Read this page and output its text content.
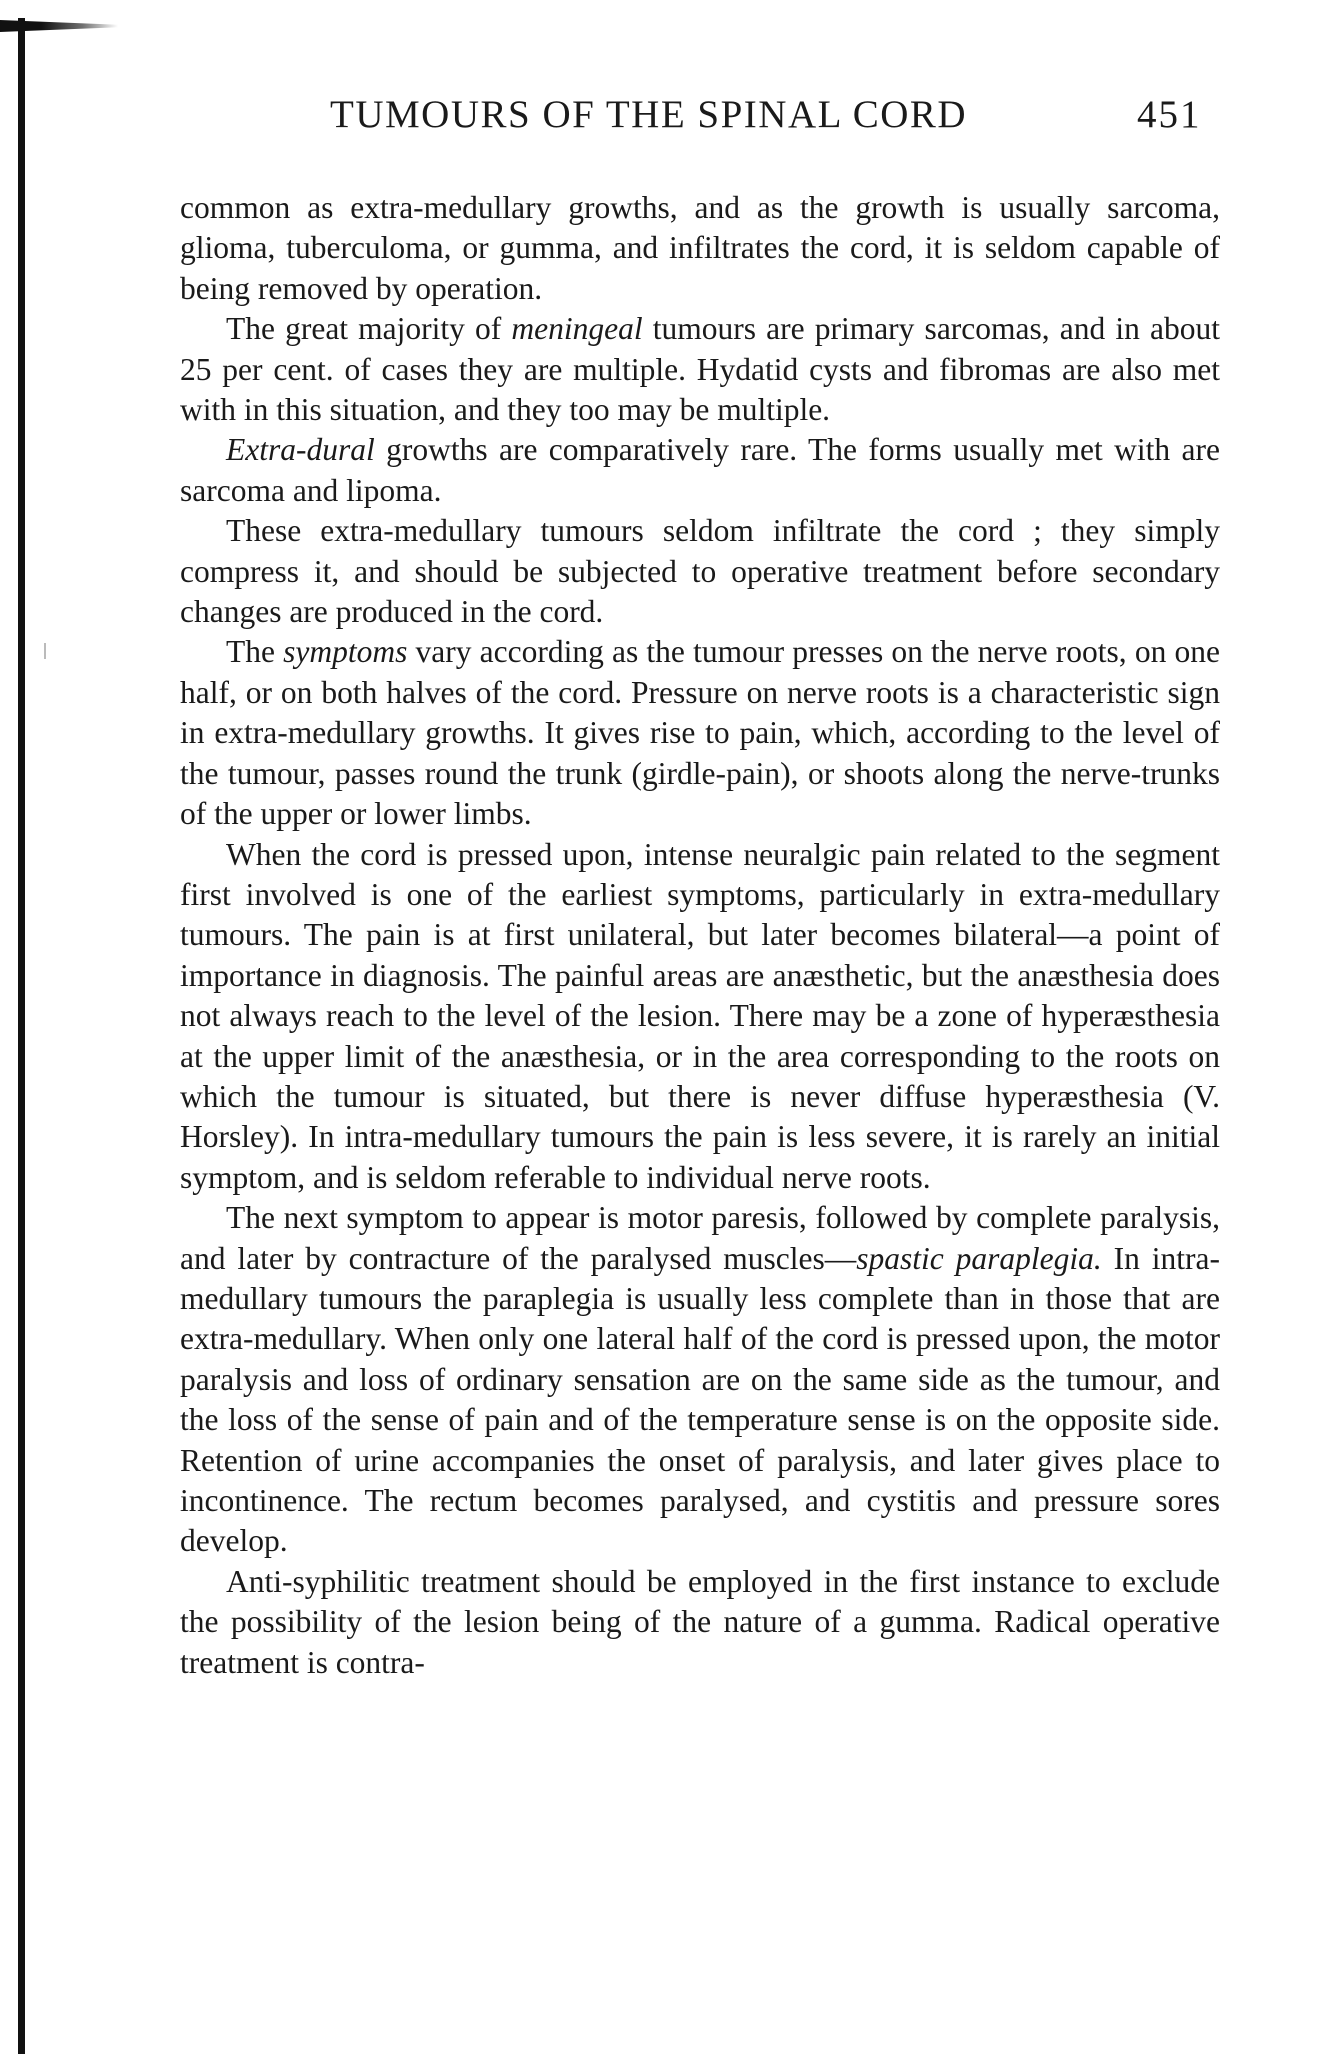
TUMOURS OF THE SPINAL CORD	451

common as extra-medullary growths, and as the growth is usually sarcoma, glioma, tuberculoma, or gumma, and infiltrates the cord, it is seldom capable of being removed by operation.

The great majority of meningeal tumours are primary sarcomas, and in about 25 per cent. of cases they are multiple. Hydatid cysts and fibromas are also met with in this situation, and they too may be multiple.

Extra-dural growths are comparatively rare. The forms usually met with are sarcoma and lipoma.

These extra-medullary tumours seldom infiltrate the cord ; they simply compress it, and should be subjected to operative treatment before secondary changes are produced in the cord.

The symptoms vary according as the tumour presses on the nerve roots, on one half, or on both halves of the cord. Pressure on nerve roots is a characteristic sign in extra-medullary growths. It gives rise to pain, which, according to the level of the tumour, passes round the trunk (girdle-pain), or shoots along the nerve-trunks of the upper or lower limbs.

When the cord is pressed upon, intense neuralgic pain related to the segment first involved is one of the earliest symptoms, particularly in extra-medullary tumours. The pain is at first unilateral, but later becomes bilateral—a point of importance in diagnosis. The painful areas are anæsthetic, but the anæsthesia does not always reach to the level of the lesion. There may be a zone of hyperæsthesia at the upper limit of the anæsthesia, or in the area corresponding to the roots on which the tumour is situated, but there is never diffuse hyperæsthesia (V. Horsley). In intra-medullary tumours the pain is less severe, it is rarely an initial symptom, and is seldom referable to individual nerve roots.

The next symptom to appear is motor paresis, followed by complete paralysis, and later by contracture of the paralysed muscles—spastic paraplegia. In intra-medullary tumours the paraplegia is usually less complete than in those that are extra-medullary. When only one lateral half of the cord is pressed upon, the motor paralysis and loss of ordinary sensation are on the same side as the tumour, and the loss of the sense of pain and of the temperature sense is on the opposite side. Retention of urine accompanies the onset of paralysis, and later gives place to incontinence. The rectum becomes paralysed, and cystitis and pressure sores develop.

Anti-syphilitic treatment should be employed in the first instance to exclude the possibility of the lesion being of the nature of a gumma. Radical operative treatment is contra-
